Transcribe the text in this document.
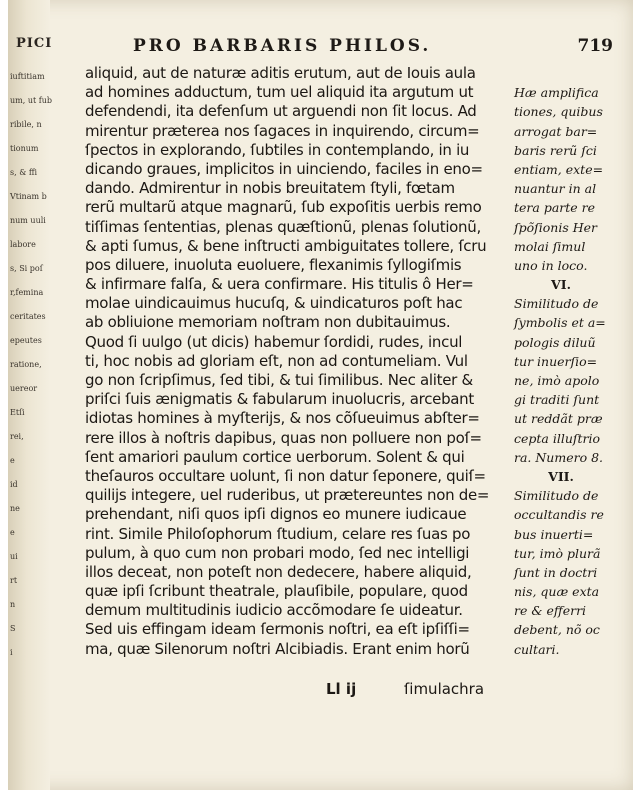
PICI
iuftitiam
um, ut fub
ribile, n
tionum
s, & ffi
Vtinam b
num uuli
labore
s, Si poſ
r,femina
ceritates
epeutes
ratione,
uereor
Etſi
rei,
e
id
ne
e
ui
rt
n
S
i
PRO BARBARIS PHILOS.	719
aliquid, aut de naturæ aditis erutum, aut de Iouis aula
ad homines adductum, tum uel aliquid ita argutum ut
defendendi, ita defenſum ut arguendi non ſit locus. Ad
mirentur præterea nos ſagaces in inquirendo, circum=
ſpectos in explorando, ſubtiles in contemplando, in iu
dicando graues, implicitos in uinciendo, faciles in eno=
dando. Admirentur in nobis breuitatem ſtyli, fœtam
rerũ multarũ atque magnarũ, ſub expoſitis uerbis remo
tiſſimas ſententias, plenas quæſtionũ, plenas ſolutionũ,
& apti ſumus, & bene inſtructi ambiguitates tollere, ſcru
pos diluere, inuoluta euoluere, flexanimis ſyllogiſmis
& infirmare falſa, & uera confirmare. His titulis ô Her=
molae uindicauimus hucuſq, & uindicaturos poſt hac
ab obliuione memoriam noſtram non dubitauimus.
Quod ſi uulgo (ut dicis) habemur ſordidi, rudes, incul
ti, hoc nobis ad gloriam eſt, non ad contumeliam. Vul
go non ſcripſimus, ſed tibi, & tui ſimilibus. Nec aliter &
priſci ſuis ænigmatis & fabularum inuolucris, arcebant
idiotas homines à myſterijs, & nos cõſueuimus abſter=
rere illos à noſtris dapibus, quas non polluere non poſ=
ſent amariori paulum cortice uerborum. Solent & qui
theſauros occultare uolunt, ſi non datur ſeponere, quiſ=
quilijs integere, uel ruderibus, ut prætereuntes non de=
prehendant, niſi quos ipſi dignos eo munere iudicaue
rint. Simile Philoſophorum ſtudium, celare res ſuas po
pulum, à quo cum non probari modo, ſed nec intelligi
illos deceat, non poteſt non dedecere, habere aliquid,
quæ ipſi ſcribunt theatrale, plauſibile, populare, quod
demum multitudinis iudicio accõmodare ſe uideatur.
Sed uis effingam ideam ſermonis noſtri, ea eſt ipſiſſi=
ma, quæ Silenorum noſtri Alcibiadis. Erant enim horũ
Hæ amplifica
tiones, quibus
arrogat bar=
baris rerũ ſci
entiam, exte=
nuantur in al
tera parte re
ſpõſionis Her
molai ſimul
uno in loco.
VI.
Similitudo de
ſymbolis et a=
pologis diluũ
tur inuerſio=
ne, imò apolo
gi traditi ſunt
ut reddãt præ
cepta illuſtrio
ra. Numero 8.
VII.
Similitudo de
occultandis re
bus inuerti=
tur, imò plurã
ſunt in doctri
nis, quæ exta
re & efferri
debent, nõ oc
cultari.
Ll ij	ſimulachra
